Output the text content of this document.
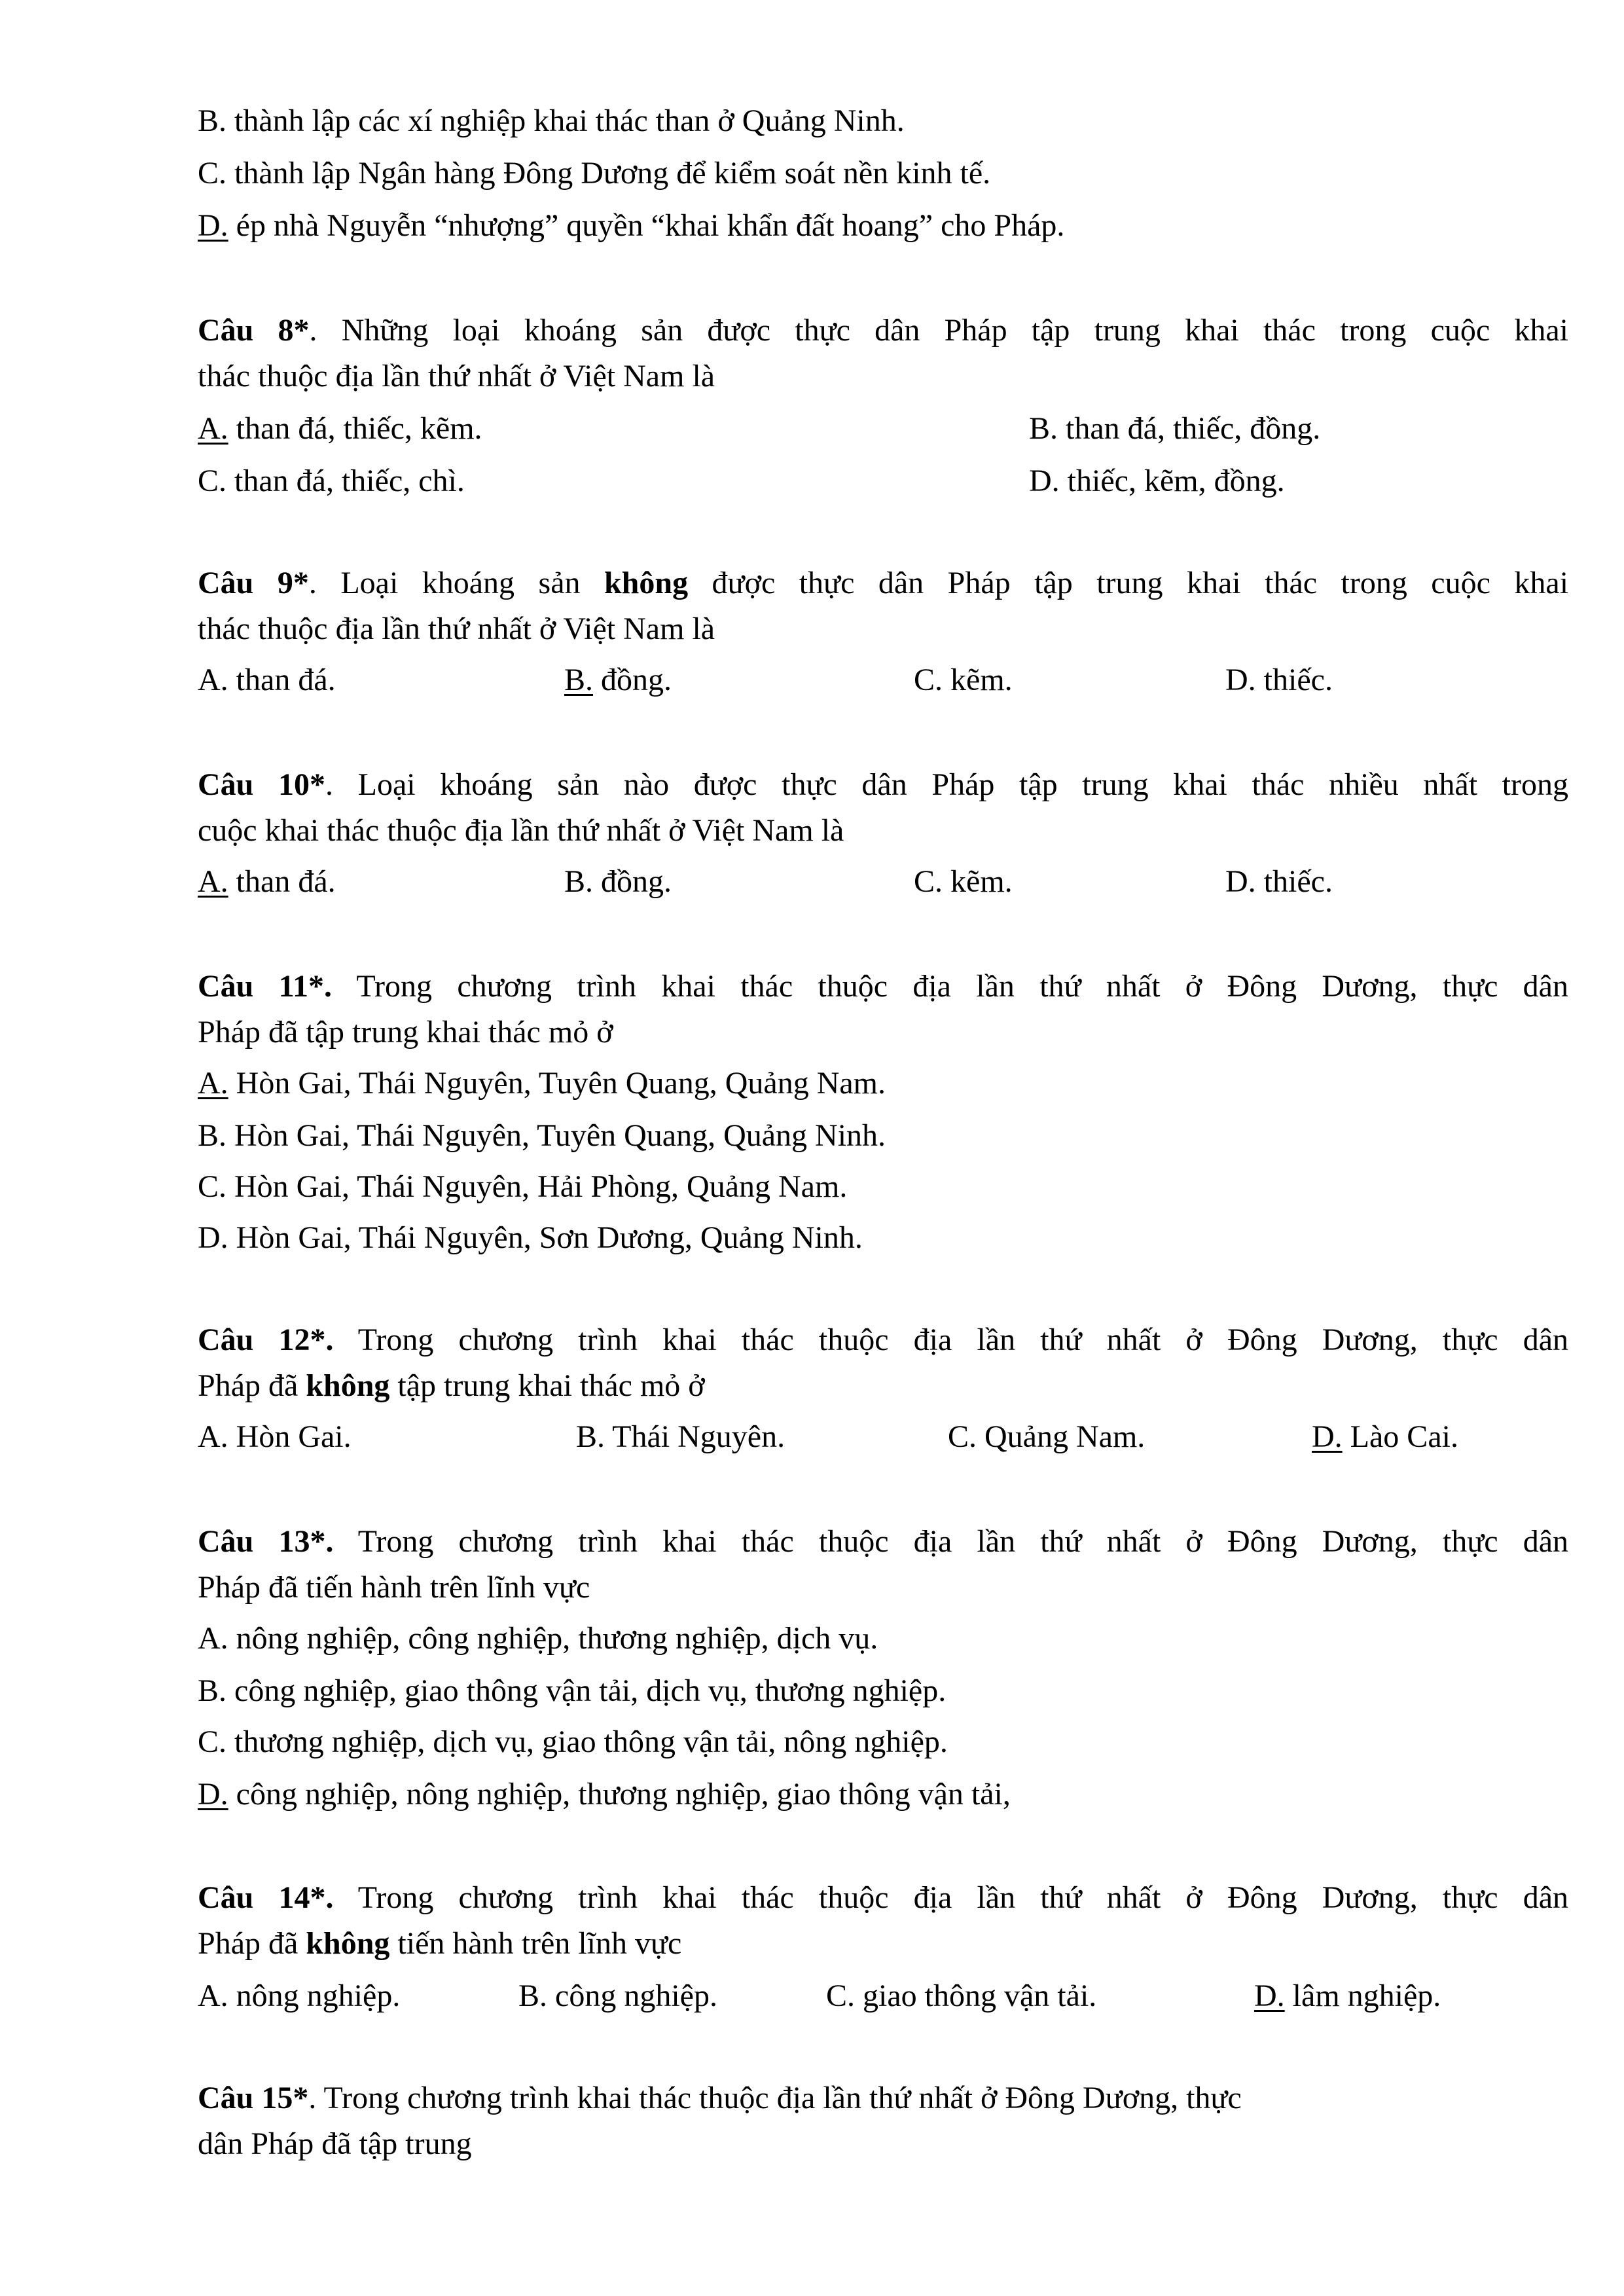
B. thành lập các xí nghiệp khai thác than ở Quảng Ninh.
C. thành lập Ngân hàng Đông Dương để kiểm soát nền kinh tế.
D. ép nhà Nguyễn “nhượng” quyền “khai khẩn đất hoang” cho Pháp.
Câu 8*. Những loại khoáng sản được thực dân Pháp tập trung khai thác trong cuộc khai
thác thuộc địa lần thứ nhất ở Việt Nam là
A. than đá, thiếc, kẽm.	B. than đá, thiếc, đồng.
C. than đá, thiếc, chì.	D. thiếc, kẽm, đồng.
Câu 9*. Loại khoáng sản không được thực dân Pháp tập trung khai thác trong cuộc khai
thác thuộc địa lần thứ nhất ở Việt Nam là
A. than đá.	B. đồng.	C. kẽm.	D. thiếc.
Câu 10*. Loại khoáng sản nào được thực dân Pháp tập trung khai thác nhiều nhất trong
cuộc khai thác thuộc địa lần thứ nhất ở Việt Nam là
A. than đá.	B. đồng.	C. kẽm.	D. thiếc.
Câu 11*. Trong chương trình khai thác thuộc địa lần thứ nhất ở Đông Dương, thực dân
Pháp đã tập trung khai thác mỏ ở
A. Hòn Gai, Thái Nguyên, Tuyên Quang, Quảng Nam.
B. Hòn Gai, Thái Nguyên, Tuyên Quang, Quảng Ninh.
C. Hòn Gai, Thái Nguyên, Hải Phòng, Quảng Nam.
D. Hòn Gai, Thái Nguyên, Sơn Dương, Quảng Ninh.
Câu 12*. Trong chương trình khai thác thuộc địa lần thứ nhất ở Đông Dương, thực dân
Pháp đã không tập trung khai thác mỏ ở
A. Hòn Gai.	B. Thái Nguyên.	C. Quảng Nam.	D. Lào Cai.
Câu 13*. Trong chương trình khai thác thuộc địa lần thứ nhất ở Đông Dương, thực dân
Pháp đã tiến hành trên lĩnh vực
A. nông nghiệp, công nghiệp, thương nghiệp, dịch vụ.
B. công nghiệp, giao thông vận tải, dịch vụ, thương nghiệp.
C. thương nghiệp, dịch vụ, giao thông vận tải, nông nghiệp.
D. công nghiệp, nông nghiệp, thương nghiệp, giao thông vận tải,
Câu 14*. Trong chương trình khai thác thuộc địa lần thứ nhất ở Đông Dương, thực dân
Pháp đã không tiến hành trên lĩnh vực
A. nông nghiệp.	B. công nghiệp.	C. giao thông vận tải.	D. lâm nghiệp.
Câu 15*. Trong chương trình khai thác thuộc địa lần thứ nhất ở Đông Dương, thực
dân Pháp đã tập trung
